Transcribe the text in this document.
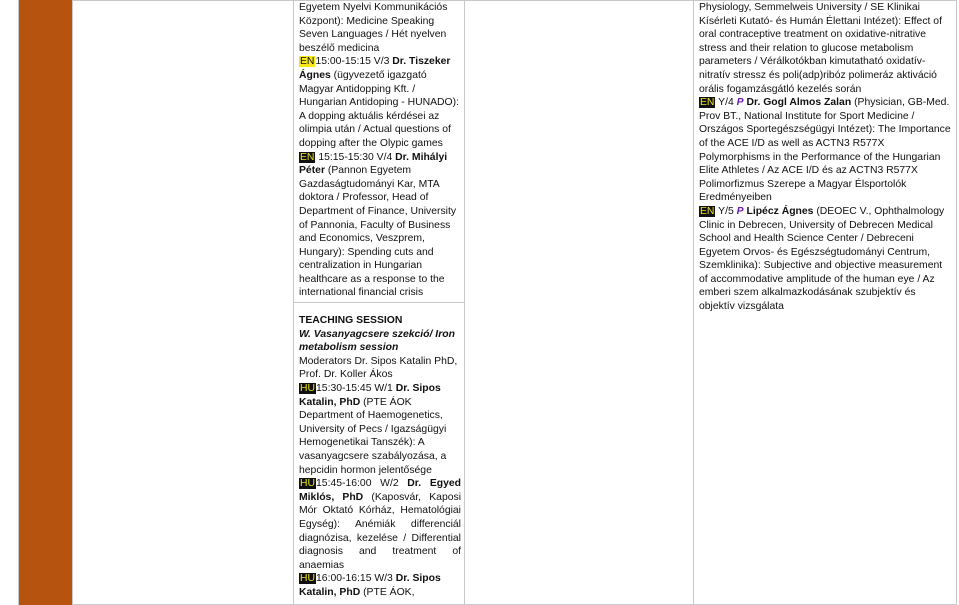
Egyetem Nyelvi Kommunikációs

Központ): Medicine Speaking

Seven Languages / Hét nyelven

beszélő medicina

EN15:00-15:15 V/3 Dr. Tiszeker Ágnes (ügyvezető igazgató Magyar Antidopping Kft. / Hungarian Antidoping - HUNADO): A dopping aktuális kérdései az olimpia után / Actual questions of dopping after the Olypic games

EN 15:15-15:30 V/4 Dr. Mihályi Péter (Pannon Egyetem Gazdaságtudományi Kar, MTA doktora / Professor, Head of Department of Finance, University of Pannonia, Faculty of Business and Economics, Veszprem, Hungary): Spending cuts and centralization in Hungarian healthcare as a response to the international financial crisis

TEACHING SESSION

W. Vasanyagcsere szekció/ Iron metabolism session

Moderators Dr. Sipos Katalin PhD, Prof. Dr. Koller Ákos

HU15:30-15:45 W/1 Dr. Sipos Katalin, PhD (PTE ÁOK Department of Haemogenetics, University of Pecs / Igazságügyi Hemogenetikai Tanszék): A vasanyagcsere szabályozása, a hepcidin hormon jelentősége

HU15:45-16:00 W/2 Dr. Egyed Miklós, PhD (Kaposvár, Kaposi Mór Oktató Kórház, Hematológiai Egység): Anémiák differenciál diagnózisa, kezelése / Differential diagnosis and treatment of anaemias

HU16:00-16:15 W/3 Dr. Sipos Katalin, PhD (PTE ÁOK,

Physiology, Semmelweis University / SE Klinikai Kísérleti Kutató- és Humán Élettani Intézet): Effect of oral contraceptive treatment on oxidative-nitrative stress and their relation to glucose metabolism parameters / Vérálkotókban kimutatható oxidatív-nitratív stressz és poli(adp)ribóz polimeráz aktiváció orális fogamzásgátló kezelés során

EN Y/4 P Dr. Gogl Almos Zalan (Physician, GB-Med. Prov BT., National Institute for Sport Medicine / Országos Sportegészségügyi Intézet): The Importance of the ACE I/D as well as ACTN3 R577X Polymorphisms in the Performance of the Hungarian Elite Athletes / Az ACE I/D és az ACTN3 R577X Polimorfizmus Szerepe a Magyar Élsportolók Eredményeiben

EN Y/5 P Lipécz Ágnes (DEOEC V., Ophthalmology Clinic in Debrecen, University of Debrecen Medical School and Health Science Center / Debreceni Egyetem Orvos- és Egészségtudományi Centrum, Szemklinika): Subjective and objective measurement of accommodative amplitude of the human eye / Az emberi szem alkalmazkodásának szubjektív és objektív vizsgálata
